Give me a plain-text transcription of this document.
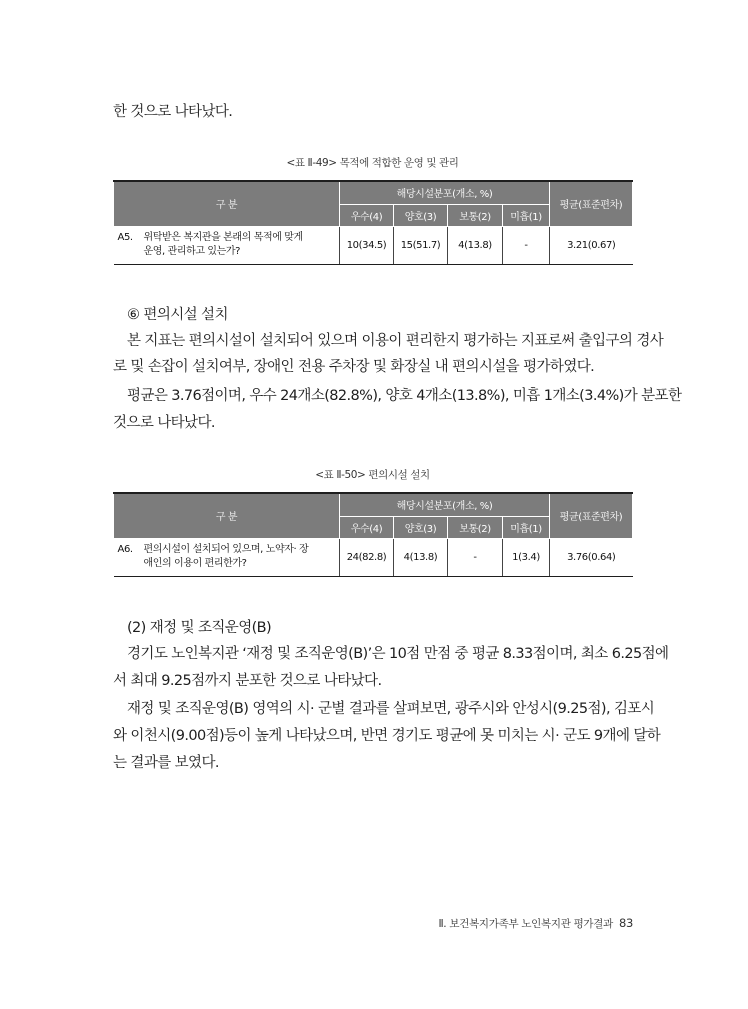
한 것으로 나타났다.
<표 Ⅱ-49> 목적에 적합한 운영 및 관리
구 분	해당시설분포(개소, %)				평균(표준편차)
	우수(4)	양호(3)	보통(2)	미흡(1)	
A5. 위탁받은 복지관을 본래의 목적에 맞게
운영, 관리하고 있는가?	10(34.5)	15(51.7)	4(13.8)	-	3.21(0.67)
⑥ 편의시설 설치
본 지표는 편의시설이 설치되어 있으며 이용이 편리한지 평가하는 지표로써 출입구의 경사
로 및 손잡이 설치여부, 장애인 전용 주차장 및 화장실 내 편의시설을 평가하였다.
평균은 3.76점이며, 우수 24개소(82.8%), 양호 4개소(13.8%), 미흡 1개소(3.4%)가 분포한
것으로 나타났다.
<표 Ⅱ-50> 편의시설 설치
구 분	해당시설분포(개소, %)				평균(표준편차)
	우수(4)	양호(3)	보통(2)	미흡(1)	
A6. 편의시설이 설치되어 있으며, 노약자· 장
애인의 이용이 편리한가?	24(82.8)	4(13.8)	-	1(3.4)	3.76(0.64)
(2) 재정 및 조직운영(B)
경기도 노인복지관 ‘재정 및 조직운영(B)’은 10점 만점 중 평균 8.33점이며, 최소 6.25점에
서 최대 9.25점까지 분포한 것으로 나타났다.
재정 및 조직운영(B) 영역의 시· 군별 결과를 살펴보면, 광주시와 안성시(9.25점), 김포시
와 이천시(9.00점)등이 높게 나타났으며, 반면 경기도 평균에 못 미치는 시· 군도 9개에 달하
는 결과를 보였다.
Ⅱ. 보건복지가족부 노인복지관 평가결과 83
